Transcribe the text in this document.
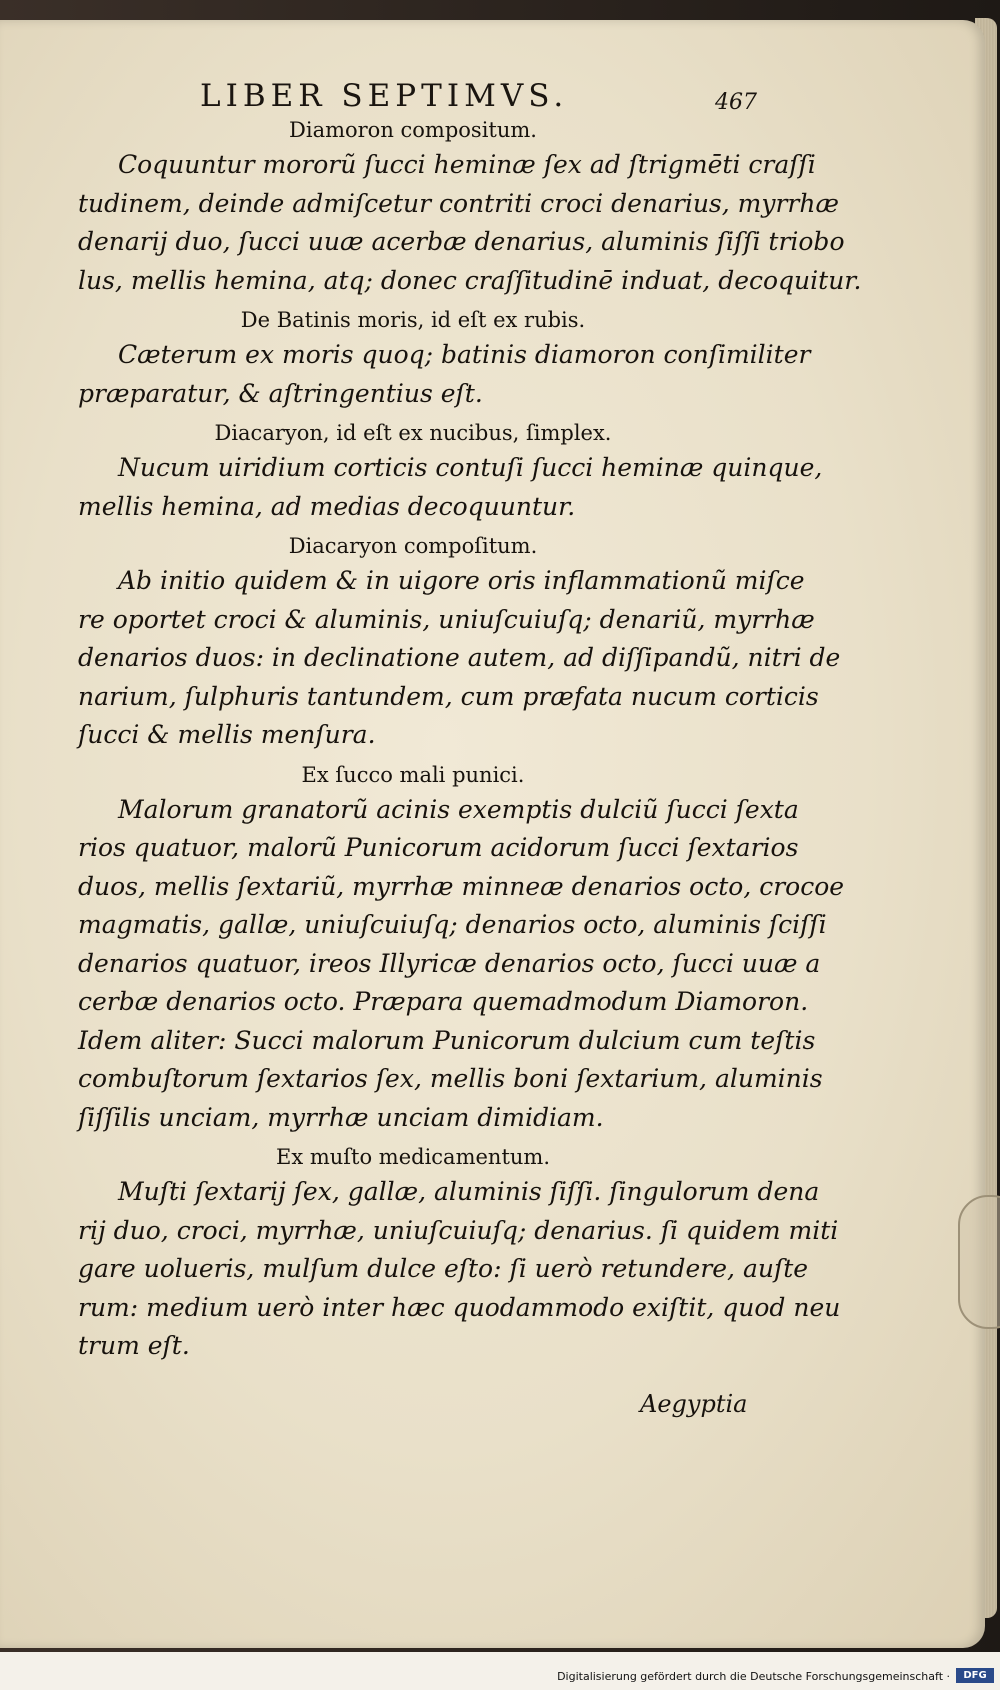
LIBER SEPTIMVS.	467
Diamoron compositum.
Coquuntur mororũ ſucci heminæ ſex ad ſtrigmēti craſſi
tudinem, deinde admiſcetur contriti croci denarius, myrrhæ
denarij duo, ſucci uuæ acerbæ denarius, aluminis ſiſſi triobo
lus, mellis hemina, atq; donec craſſitudinē induat, decoquitur.
De Batinis moris, id eſt ex rubis.
Cæterum ex moris quoq; batinis diamoron conſimiliter
præparatur, & aſtringentius eſt.
Diacaryon, id eſt ex nucibus, ſimplex.
Nucum uiridium corticis contuſi ſucci heminæ quinque,
mellis hemina, ad medias decoquuntur.
Diacaryon compoſitum.
Ab initio quidem & in uigore oris inflammationũ miſce
re oportet croci & aluminis, uniuſcuiuſq; denariũ, myrrhæ
denarios duos: in declinatione autem, ad diſſipandũ, nitri de
narium, ſulphuris tantundem, cum præfata nucum corticis
ſucci & mellis menſura.
Ex ſucco mali punici.
Malorum granatorũ acinis exemptis dulciũ ſucci ſexta
rios quatuor, malorũ Punicorum acidorum ſucci ſextarios
duos, mellis ſextariũ, myrrhæ minneæ denarios octo, crocoe
magmatis, gallæ, uniuſcuiuſq; denarios octo, aluminis ſciſſi
denarios quatuor, ireos Illyricæ denarios octo, ſucci uuæ a
cerbæ denarios octo. Præpara quemadmodum Diamoron.
Idem aliter: Succi malorum Punicorum dulcium cum teſtis
combuſtorum ſextarios ſex, mellis boni ſextarium, aluminis
ſiſſilis unciam, myrrhæ unciam dimidiam.
Ex muſto medicamentum.
Muſti ſextarij ſex, gallæ, aluminis ſiſſi. ſingulorum dena
rij duo, croci, myrrhæ, uniuſcuiuſq; denarius. ſi quidem miti
gare uolueris, mulſum dulce eſto: ſi uerò retundere, auſte
rum: medium uerò inter hæc quodammodo exiſtit, quod neu
trum eſt.
Aegyptia
Digitalisierung gefördert durch die Deutsche Forschungsgemeinschaft ·	DFG
